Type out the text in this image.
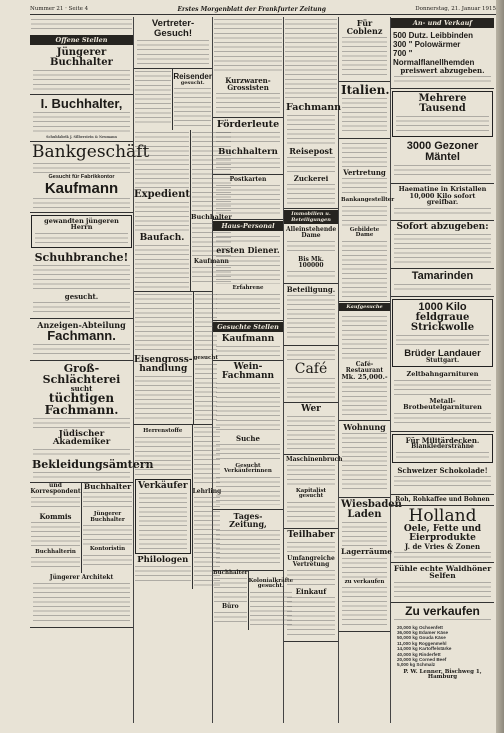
Nummer 21 · Seite 4	Erstes Morgenblatt der Frankfurter Zeitung	Donnerstag, 21. Januar 1915
Offene Stellen
Jüngerer Buchhalter
I. Buchhalter,
Schuhfabrik J. Silberstein & Neumann
Bankgeschäft
Gesucht für Fabrikkontor
Kaufmann
gewandten jüngeren Herrn
Schuhbranche!
gesucht.
Anzeigen-Abteilung
Fachmann.
Groß-Schlächterei
sucht
tüchtigen Fachmann.
Jüdischer Akademiker
Bekleidungsämtern
und Korrespondent
Kommis
Buchhalterin
Buchhalter
Jüngerer Buchhalter
Kontoristin
Jüngerer Architekt
Vertreter-Gesuch!
Reisender
gesucht.
Expedient
Baufach.
Buchhalter
Kaufmann
Eisengross-handlung
gesucht
Herrenstoffe
Verkäufer
Philologen
Lehrling
Kurzwaren-Grossisten
Förderleute
Buchhaltern
Postkarten
Haus-Personal
ersten Diener.
Erfahrene
Gesuchte Stellen
Kaufmann
Wein-Fachmann
Suche
Gesucht Verkäuferinnen
Tages-Zeitung,
Buchhalter
Büro
Kolonialkräfte gesucht.
Fachmann
Reisepost
Zuckerei
Immobilien u. Beteiligungen
Alleinstehende Dame
Bis Mk. 100000
Beteiligung.
Café
Wer
Maschinenbruch
Kapitalist gesucht
Teilhaber
Umfangreiche Vertretung
Einkauf
Für Coblenz
Italien.
Vertretung
Bankangestellter
Gebildete Dame
Kaufgesuche
Café-Restaurant
Mk. 25,000.-
Wohnung
Wiesbaden Laden
Lagerräume
zu verkaufen
An- und Verkauf
500 Dutz. Leibbinden
300 " Polowärmer
700 " Normalflanellhemden
preiswert abzugeben.
Mehrere Tausend
3000 Gezoner Mäntel
Haematine in Kristallen
10,000 Kilo sofort greifbar.
Sofort abzugeben:
Tamarinden
1000 Kilo
feldgraue Strickwolle
Brüder Landauer
Stuttgart.
Zeltbahngarnituren
Metall-Brotbeutelgarnituren
Für Militärdecken.
Blankledersträhne
Schweizer Schokolade!
Roh, Rohkaffee und Bohnen
Holland
Oele, Fette und Eierprodukte
J. de Vries & Zonen
Fühle echte Waldhöner Selfen
Zu verkaufen
20,000 kg Ochsenfett
36,000 kg Edamer Käse
50,000 kg Gouda Käse
11,000 kg Roggenmehl
14,000 kg Kartoffelstärke
40,000 kg Rinderfett
20,000 kg Corned Beef
5,000 kg Schmalz
P. W. Lenner, Bischweg 1, Hamburg
